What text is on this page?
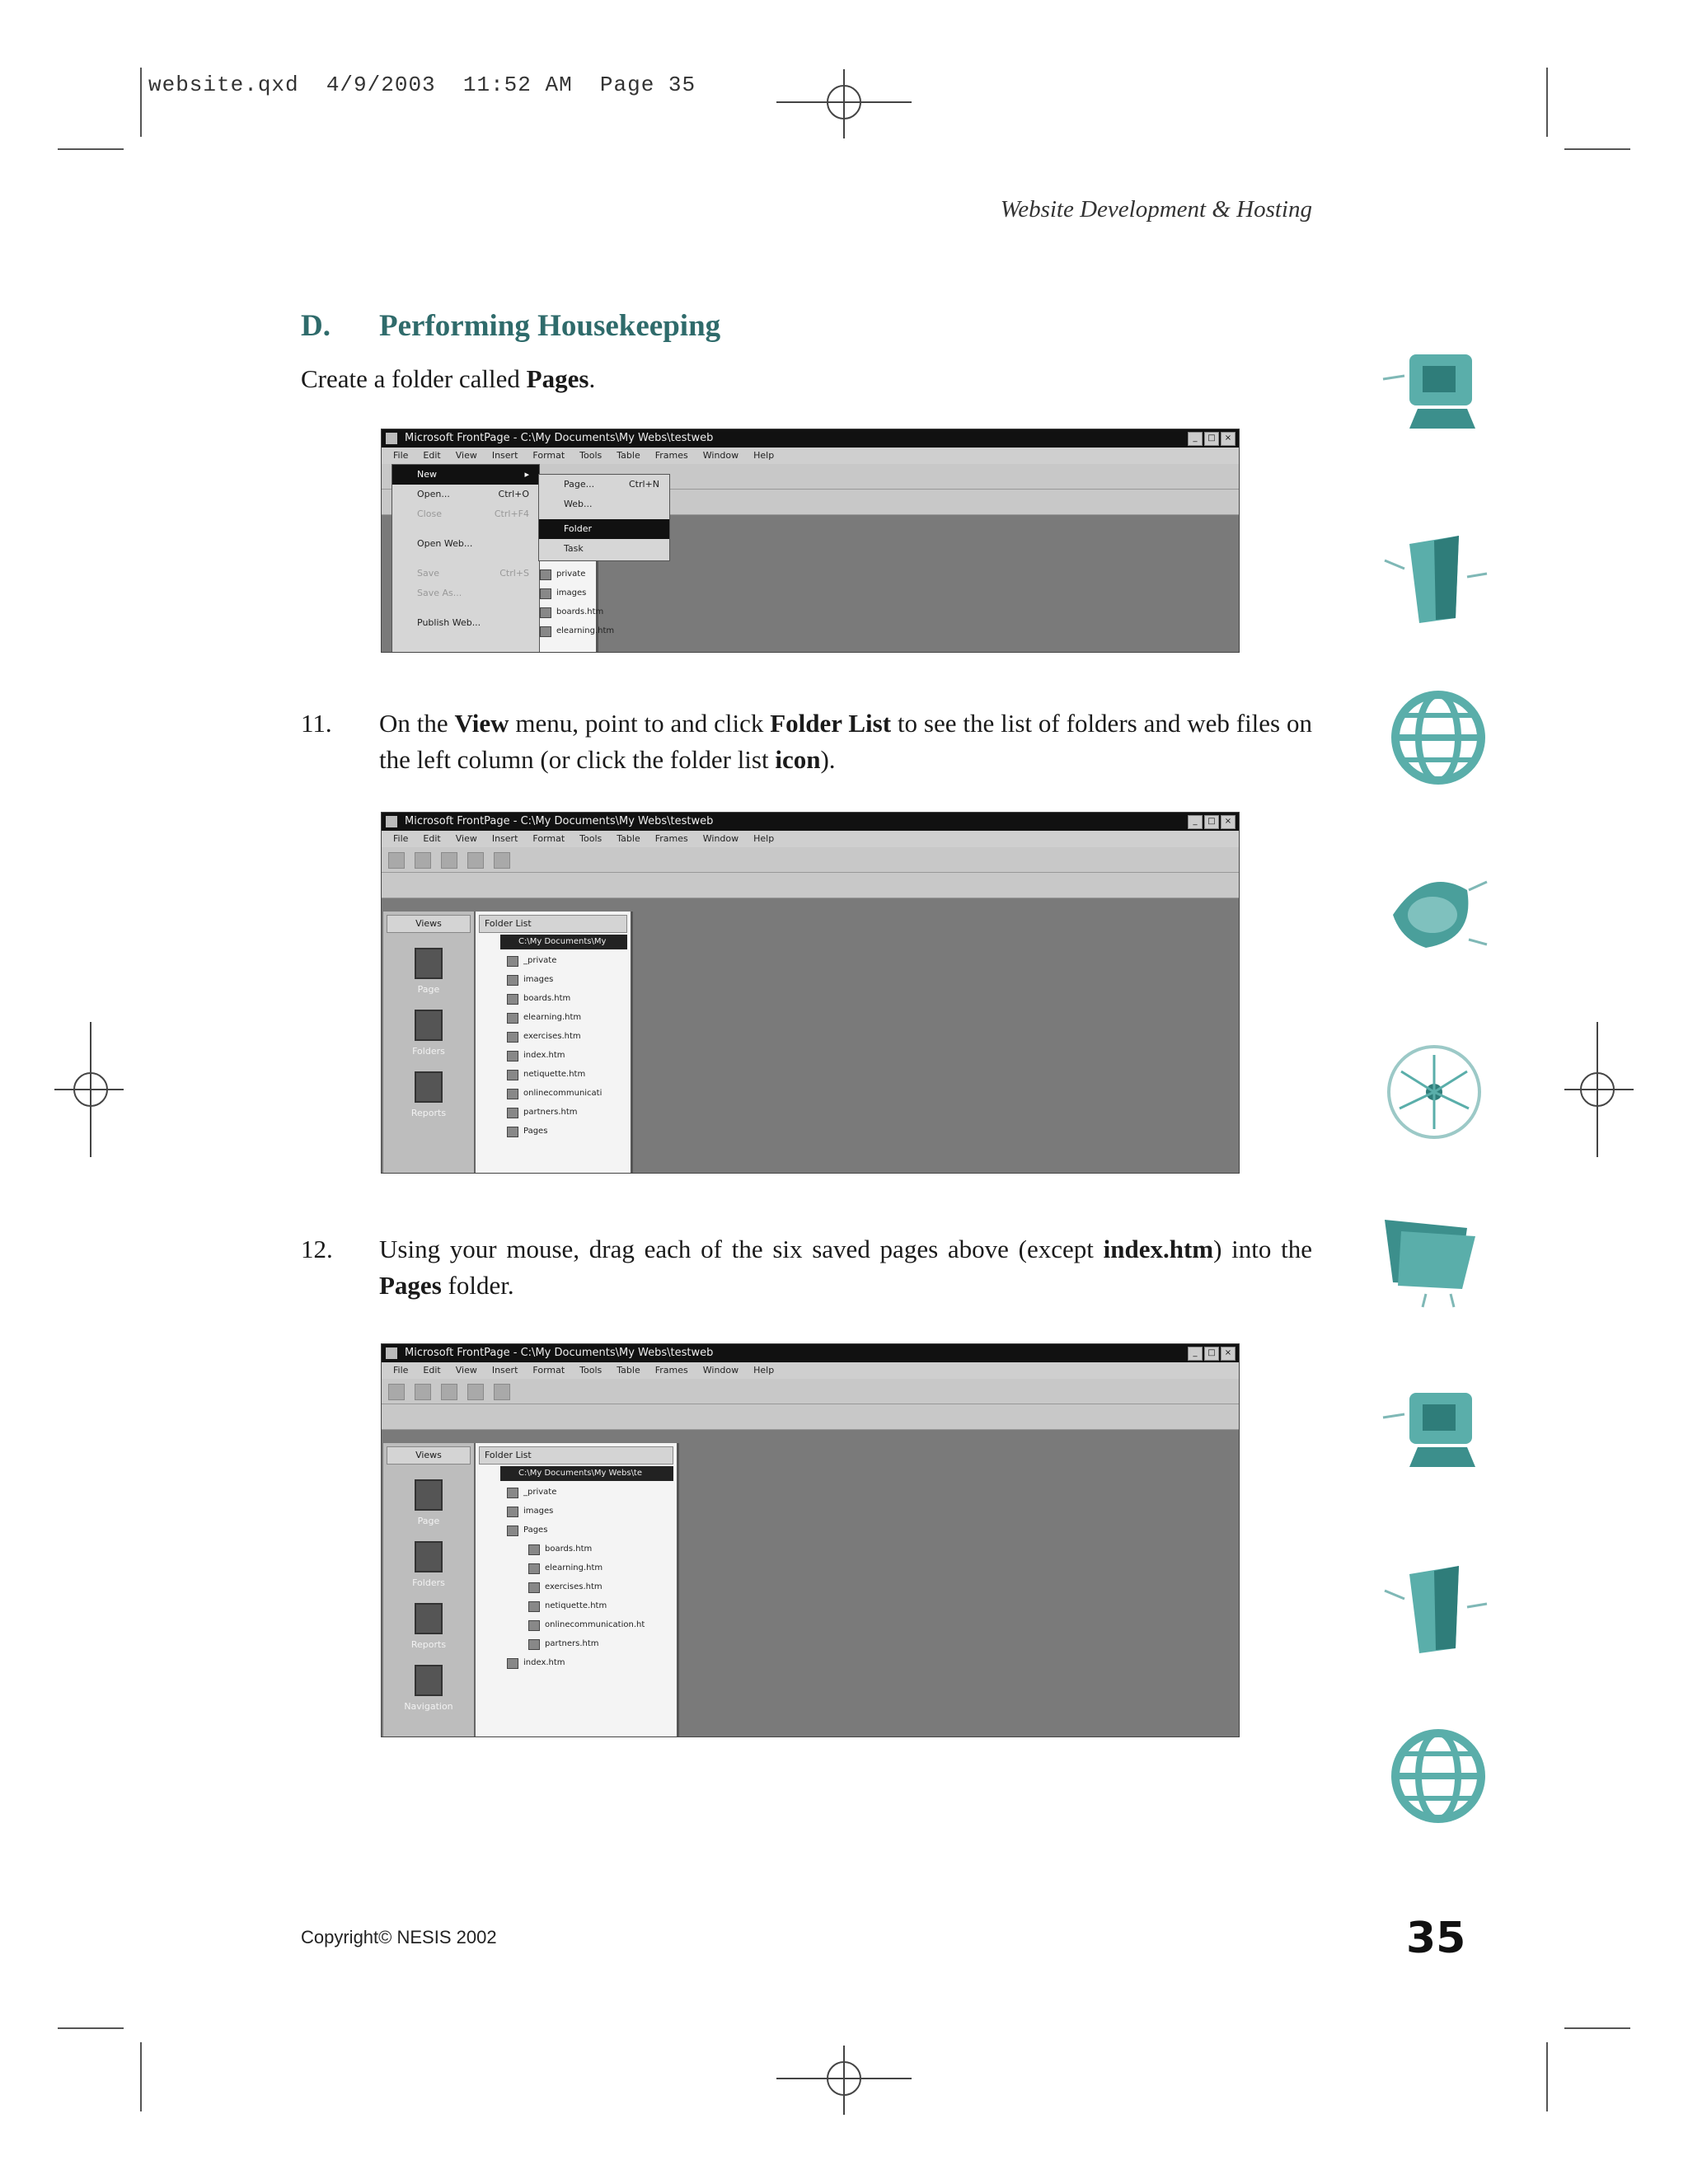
website.qxd  4/9/2003  11:52 AM  Page 35
Website Development & Hosting
D. Performing Housekeeping
Create a folder called Pages.
Microsoft FrontPage - C:\My Documents\My Webs\testweb	_	□	×
File Edit View Insert Format Tools Table Frames Window Help
private
images
boards.htm
elearning.htm
New	▸
Open...	Ctrl+O
Close	Ctrl+F4
Open Web...
Save	Ctrl+S
Save As...
Publish Web...
Page...	Ctrl+N
Web...
Folder
Task
11. On the View menu, point to and click Folder List to see the list of folders and web files on the left column (or click the folder list icon).
Microsoft FrontPage - C:\My Documents\My Webs\testweb	_	□	×
File Edit View Insert Format Tools Table Frames Window Help
Views
Page
Folders
Reports
Folder List
C:\My Documents\My
_private
images
boards.htm
elearning.htm
exercises.htm
index.htm
netiquette.htm
onlinecommunicati
partners.htm
Pages
12. Using your mouse, drag each of the six saved pages above (except index.htm) into the Pages folder.
Microsoft FrontPage - C:\My Documents\My Webs\testweb	_	□	×
File Edit View Insert Format Tools Table Frames Window Help
Views
Page
Folders
Reports
Navigation
Folder List
C:\My Documents\My Webs\te
_private
images
Pages
boards.htm
elearning.htm
exercises.htm
netiquette.htm
onlinecommunication.ht
partners.htm
index.htm
Copyright© NESIS 2002	35
